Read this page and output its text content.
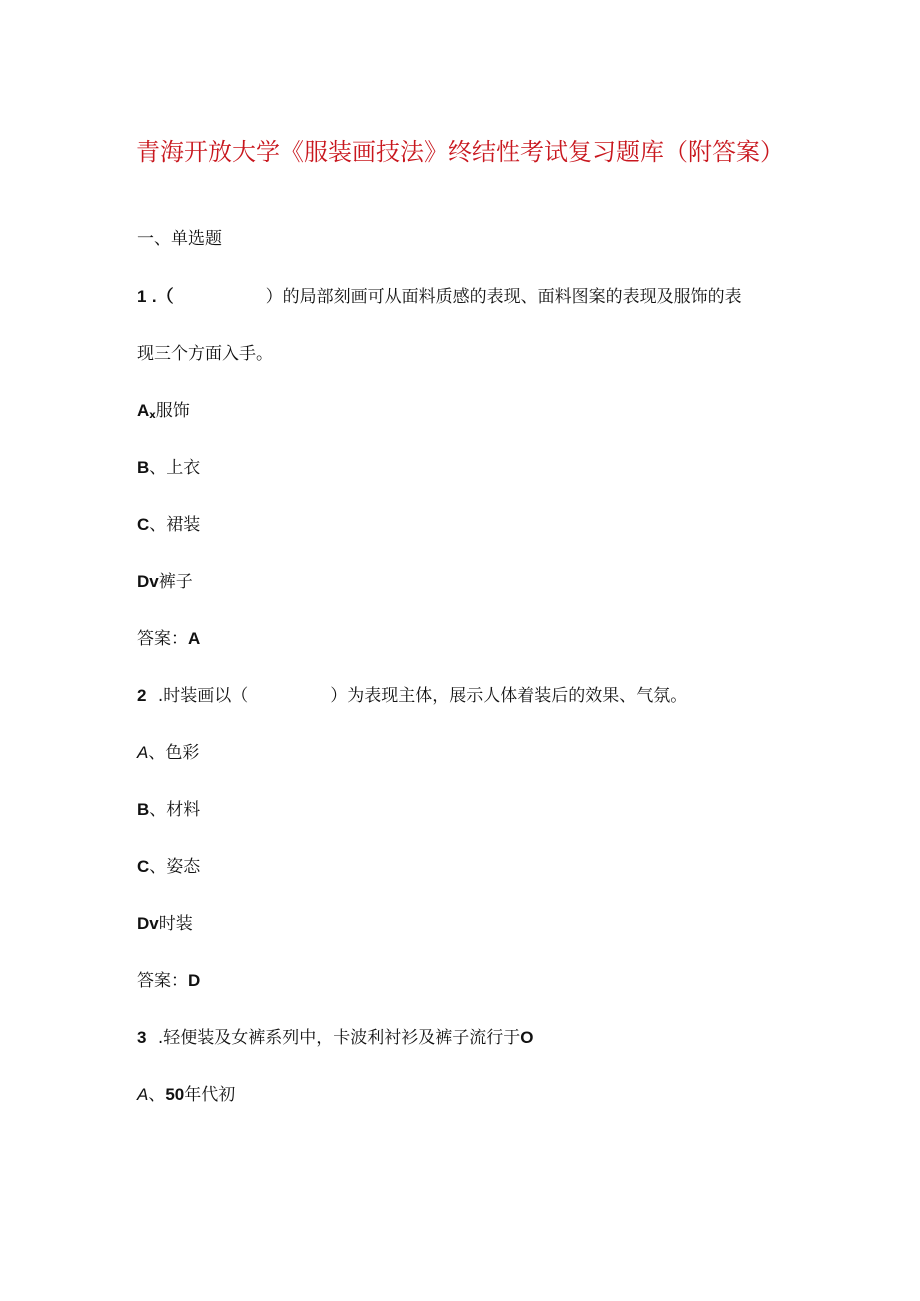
青海开放大学《服装画技法》终结性考试复习题库（附答案）
一、单选题
1 .（	）的局部刻画可从面料质感的表现、面料图案的表现及服饰的表
现三个方面入手。
$A_x$服饰
B、上衣
C、裙装
Dv裤子
答案：A
2 .时装画以（	）为表现主体，展示人体着装后的效果、气氛。
A、色彩
B、材料
C、姿态
Dv时装
答案：D
3 .轻便装及女裤系列中，卡波利衬衫及裤子流行于O
A、50年代初
